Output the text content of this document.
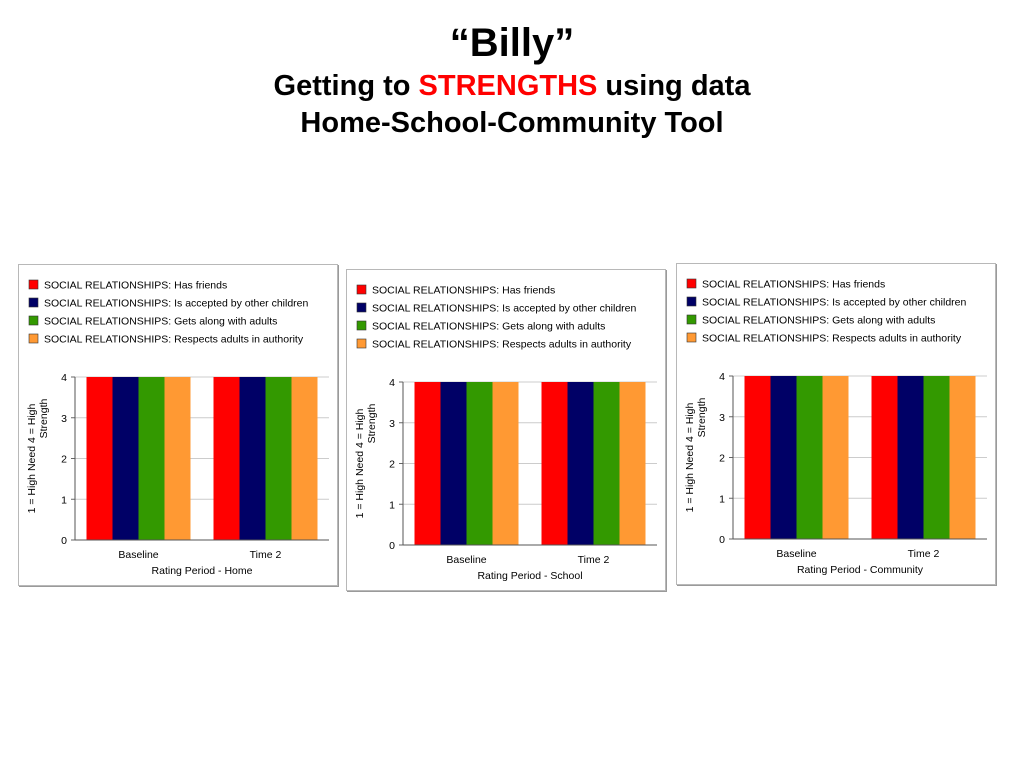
“Billy”
Getting to STRENGTHS using data
Home-School-Community Tool
SOCIAL RELATIONSHIPS: Has friends
SOCIAL RELATIONSHIPS: Is accepted by other children
SOCIAL RELATIONSHIPS: Gets along with adults
SOCIAL RELATIONSHIPS: Respects adults in authority
0
1
2
3
4
Baseline	Time 2
Rating Period - Home
1 = High Need 4 = High Strength
SOCIAL RELATIONSHIPS: Has friends
SOCIAL RELATIONSHIPS: Is accepted by other children
SOCIAL RELATIONSHIPS: Gets along with adults
SOCIAL RELATIONSHIPS: Respects adults in authority
0
1
2
3
4
Baseline	Time 2
Rating Period - School
1 = High Need 4 = High Strength
SOCIAL RELATIONSHIPS: Has friends
SOCIAL RELATIONSHIPS: Is accepted by other children
SOCIAL RELATIONSHIPS: Gets along with adults
SOCIAL RELATIONSHIPS: Respects adults in authority
0
1
2
3
4
Baseline	Time 2
Rating Period - Community
1 = High Need 4 = High Strength
